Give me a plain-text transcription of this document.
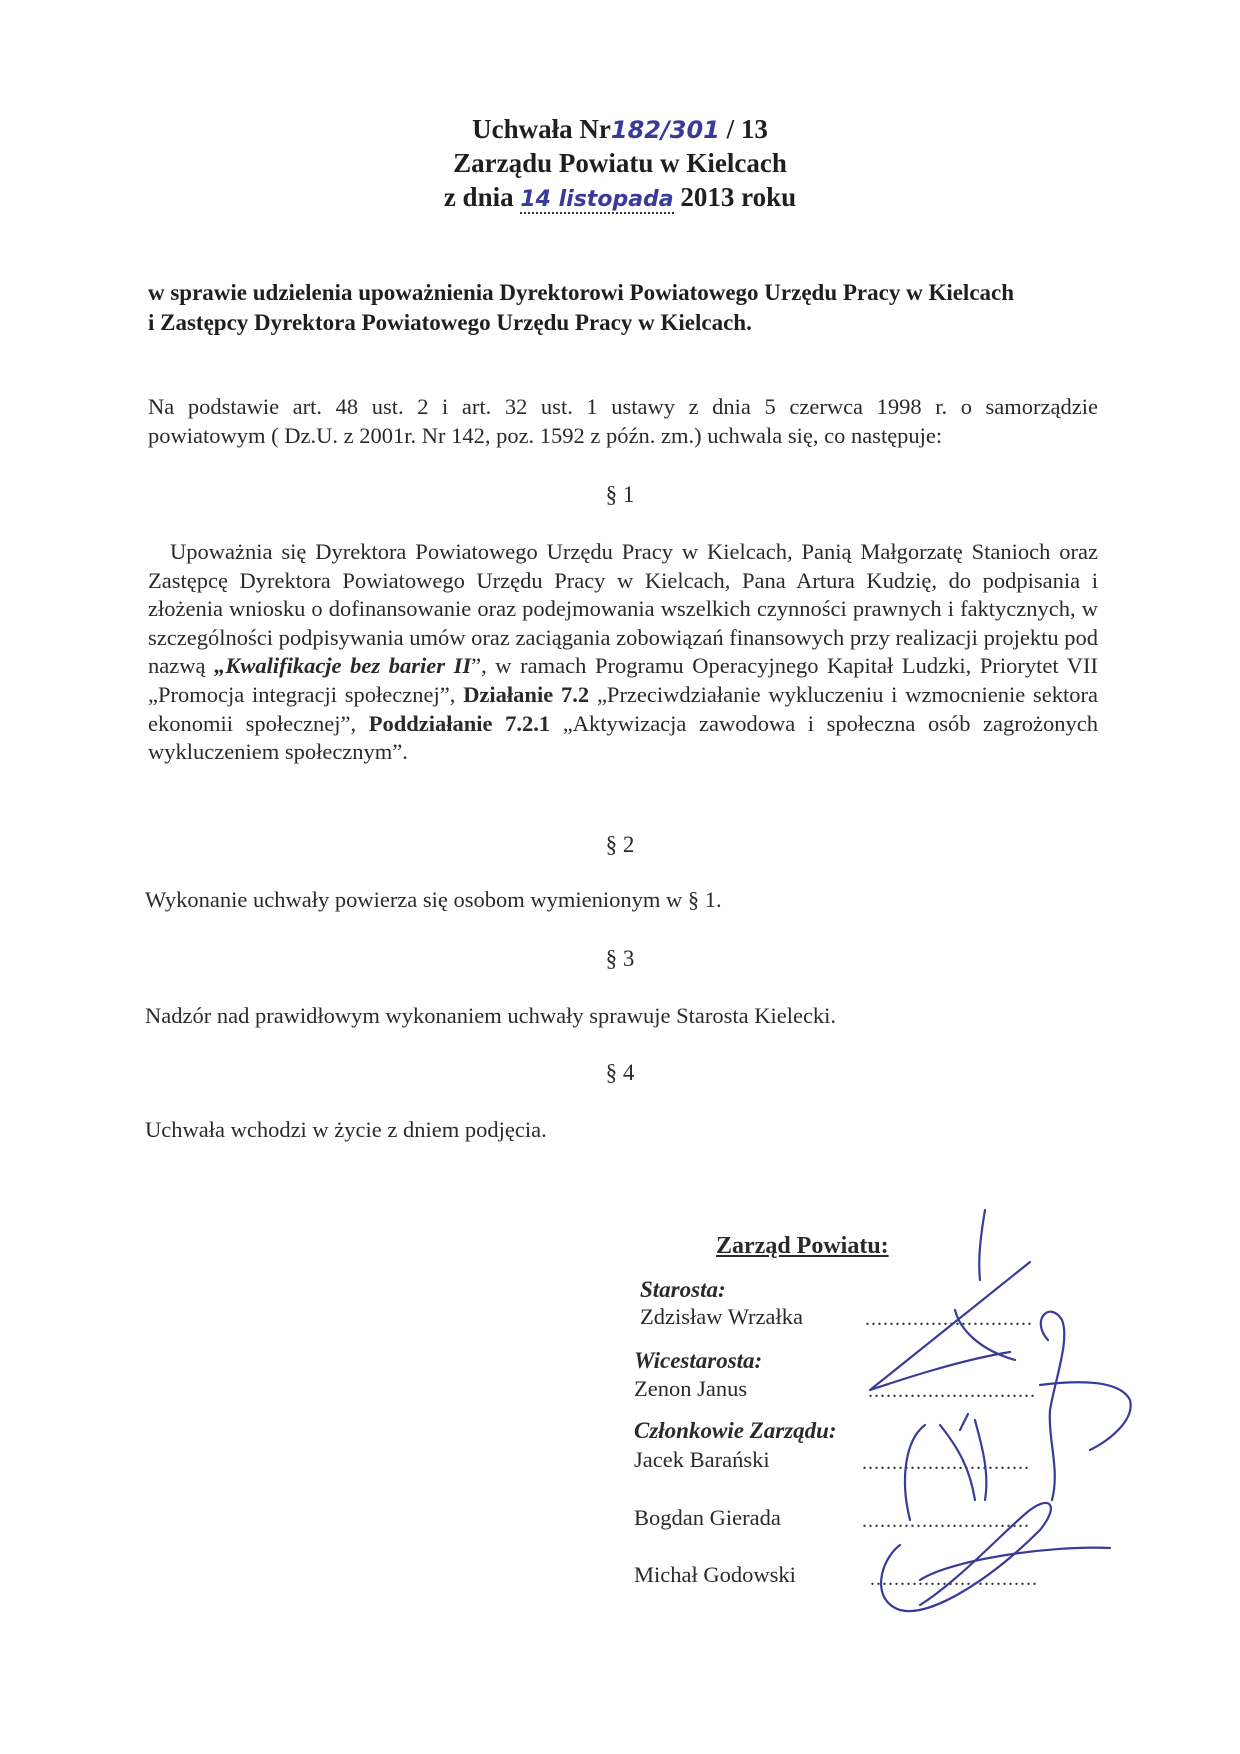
Uchwała Nr182/301 / 13
Zarządu Powiatu w Kielcach
z dnia 14 listopada 2013 roku
w sprawie udzielenia upoważnienia Dyrektorowi Powiatowego Urzędu Pracy w Kielcach
i Zastępcy Dyrektora Powiatowego Urzędu Pracy w Kielcach.
Na podstawie art. 48 ust. 2 i art. 32 ust. 1 ustawy z dnia 5 czerwca 1998 r. o samorządzie
powiatowym ( Dz.U. z 2001r. Nr 142, poz. 1592 z późn. zm.) uchwala się, co następuje:
§ 1
Upoważnia się Dyrektora Powiatowego Urzędu Pracy w Kielcach, Panią Małgorzatę Stanioch oraz Zastępcę Dyrektora Powiatowego Urzędu Pracy w Kielcach, Pana Artura Kudzię, do podpisania i złożenia wniosku o dofinansowanie oraz podejmowania wszelkich czynności prawnych i faktycznych, w szczególności podpisywania umów oraz zaciągania zobowiązań finansowych przy realizacji projektu pod nazwą „Kwalifikacje bez barier II”, w ramach Programu Operacyjnego Kapitał Ludzki, Priorytet VII „Promocja integracji społecznej”, Działanie 7.2 „Przeciwdziałanie wykluczeniu i wzmocnienie sektora ekonomii społecznej”, Poddziałanie 7.2.1 „Aktywizacja zawodowa i społeczna osób zagrożonych wykluczeniem społecznym”.
§ 2
Wykonanie uchwały powierza się osobom wymienionym w § 1.
§ 3
Nadzór nad prawidłowym wykonaniem uchwały sprawuje Starosta Kielecki.
§ 4
Uchwała wchodzi w życie z dniem podjęcia.
Zarząd Powiatu:
Starosta:
Zdzisław Wrzałka	............................
Wicestarosta:
Zenon Janus	............................
Członkowie Zarządu:
Jacek Barański	............................
Bogdan Gierada	............................
Michał Godowski	............................
